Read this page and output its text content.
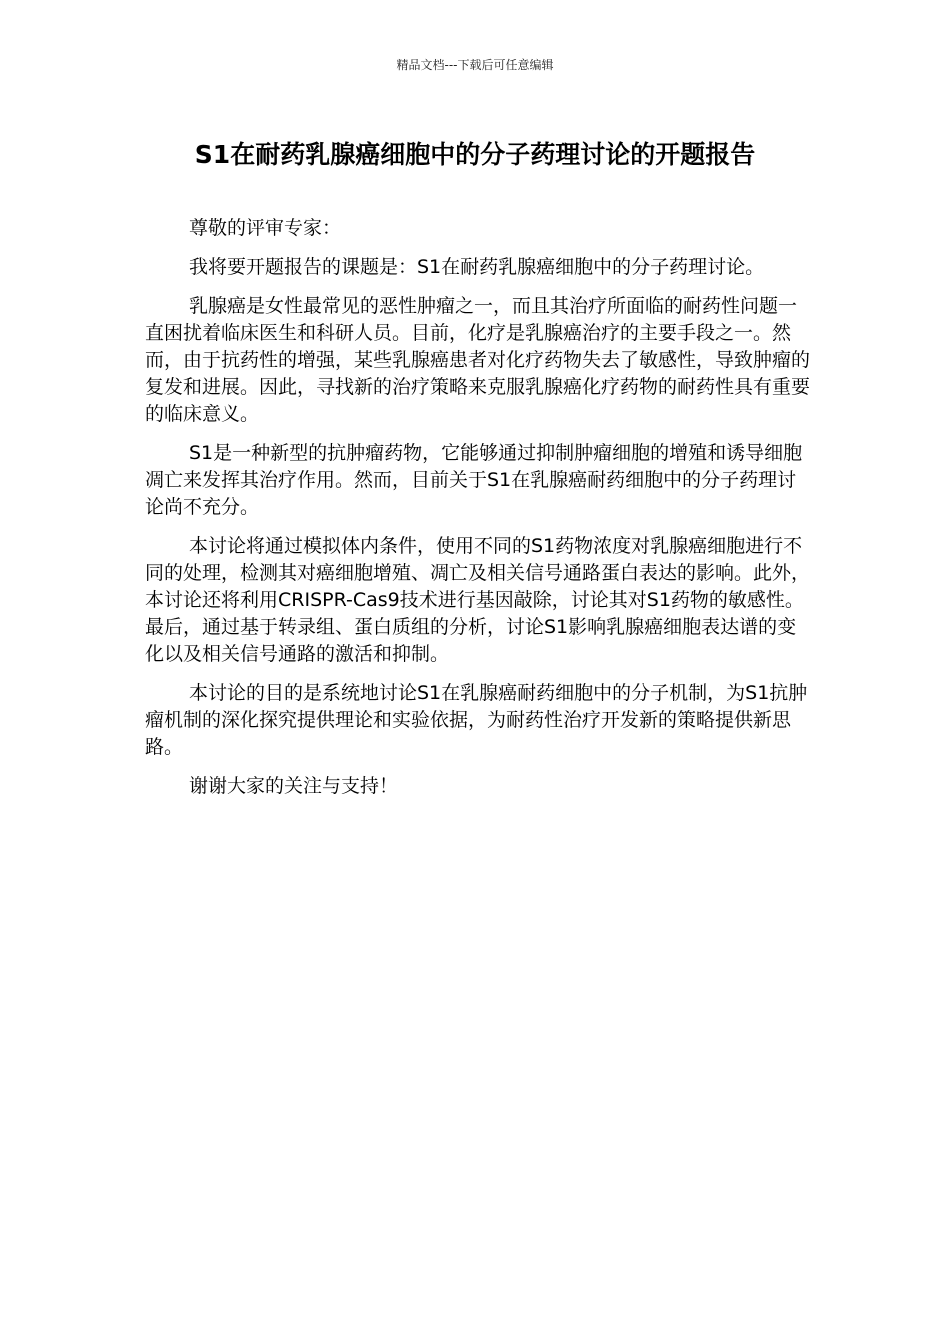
精品文档---下载后可任意编辑
S1在耐药乳腺癌细胞中的分子药理讨论的开题报告

尊敬的评审专家：

我将要开题报告的课题是：S1在耐药乳腺癌细胞中的分子药理讨论。

乳腺癌是女性最常见的恶性肿瘤之一，而且其治疗所面临的耐药性问题一直困扰着临床医生和科研人员。目前，化疗是乳腺癌治疗的主要手段之一。然而，由于抗药性的增强，某些乳腺癌患者对化疗药物失去了敏感性，导致肿瘤的复发和进展。因此，寻找新的治疗策略来克服乳腺癌化疗药物的耐药性具有重要的临床意义。

S1是一种新型的抗肿瘤药物，它能够通过抑制肿瘤细胞的增殖和诱导细胞凋亡来发挥其治疗作用。然而，目前关于S1在乳腺癌耐药细胞中的分子药理讨论尚不充分。

本讨论将通过模拟体内条件，使用不同的S1药物浓度对乳腺癌细胞进行不同的处理，检测其对癌细胞增殖、凋亡及相关信号通路蛋白表达的影响。此外，本讨论还将利用CRISPR-Cas9技术进行基因敲除，讨论其对S1药物的敏感性。最后，通过基于转录组、蛋白质组的分析，讨论S1影响乳腺癌细胞表达谱的变化以及相关信号通路的激活和抑制。

本讨论的目的是系统地讨论S1在乳腺癌耐药细胞中的分子机制，为S1抗肿瘤机制的深化探究提供理论和实验依据，为耐药性治疗开发新的策略提供新思路。

谢谢大家的关注与支持！
